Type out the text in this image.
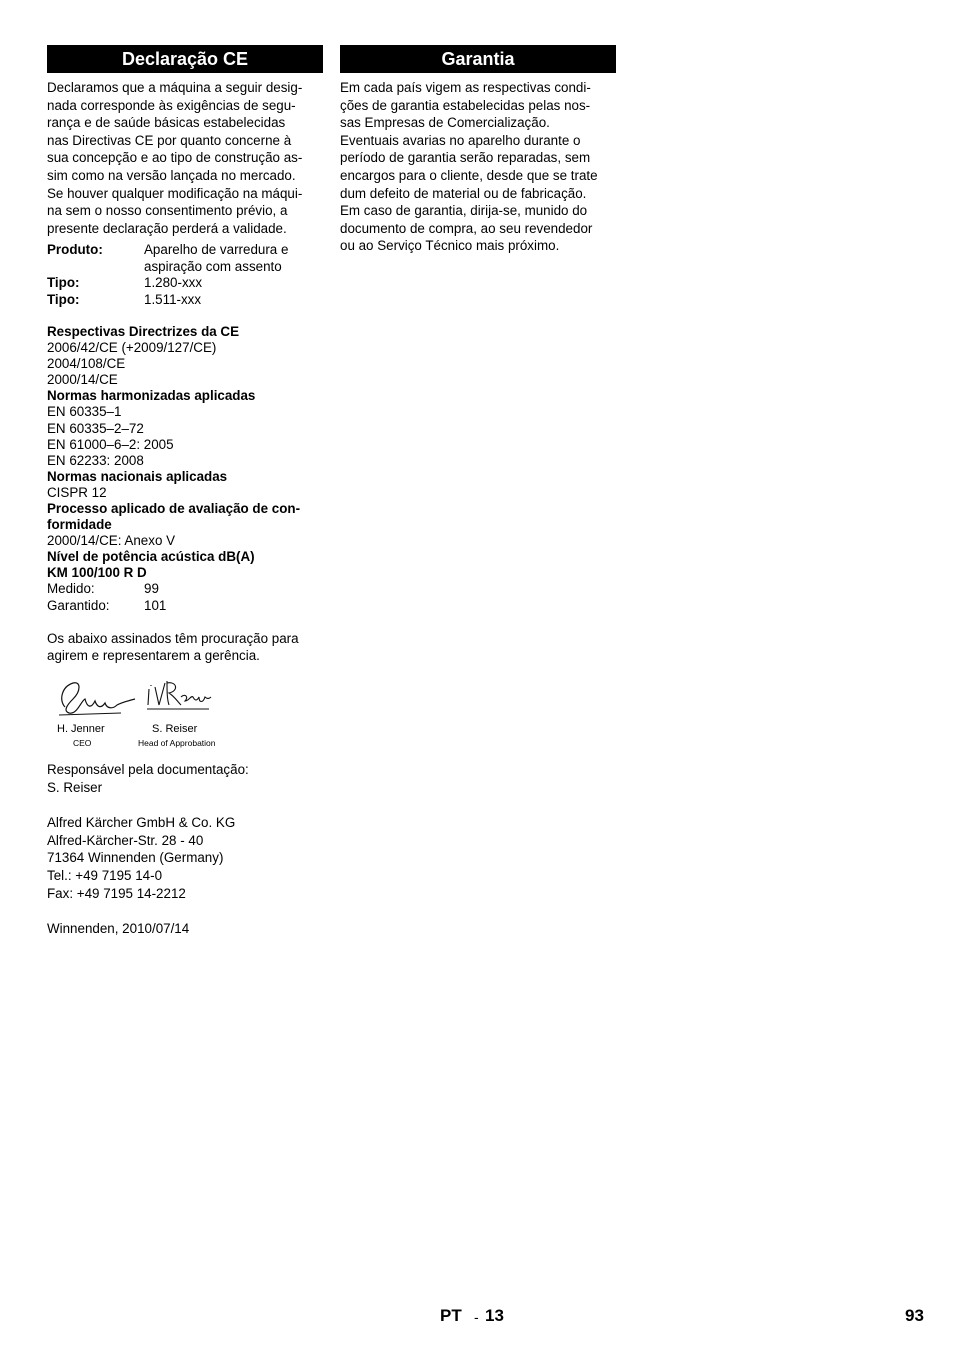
Declaração CE
Declaramos que a máquina a seguir desig-
nada corresponde às exigências de segu-
rança e de saúde básicas estabelecidas
nas Directivas CE por quanto concerne à
sua concepção e ao tipo de construção as-
sim como na versão lançada no mercado.
Se houver qualquer modificação na máqui-
na sem o nosso consentimento prévio, a
presente declaração perderá a validade.
Produto:	Aparelho de varredura e
aspiração com assento
Tipo:	1.280-xxx
Tipo:	1.511-xxx
Respectivas Directrizes da CE
2006/42/CE (+2009/127/CE)
2004/108/CE
2000/14/CE
Normas harmonizadas aplicadas
EN 60335–1
EN 60335–2–72
EN 61000–6–2: 2005
EN 62233: 2008
Normas nacionais aplicadas
CISPR 12
Processo aplicado de avaliação de con-
formidade
2000/14/CE: Anexo V
Nível de potência acústica dB(A)
KM 100/100 R D
Medido:	99
Garantido:	101
Os abaixo assinados têm procuração para
agirem e representarem a gerência.
H. Jenner
CEO
S. Reiser
Head of Approbation
Responsável pela documentação:
S. Reiser
Alfred Kärcher GmbH & Co. KG
Alfred-Kärcher-Str. 28 - 40
71364 Winnenden (Germany)
Tel.: +49 7195 14-0
Fax: +49 7195 14-2212
Winnenden, 2010/07/14
Garantia
Em cada país vigem as respectivas condi-
ções de garantia estabelecidas pelas nos-
sas Empresas de Comercialização.
Eventuais avarias no aparelho durante o
período de garantia serão reparadas, sem
encargos para o cliente, desde que se trate
dum defeito de material ou de fabricação.
Em caso de garantia, dirija-se, munido do
documento de compra, ao seu revendedor
ou ao Serviço Técnico mais próximo.
PT - 13	93
